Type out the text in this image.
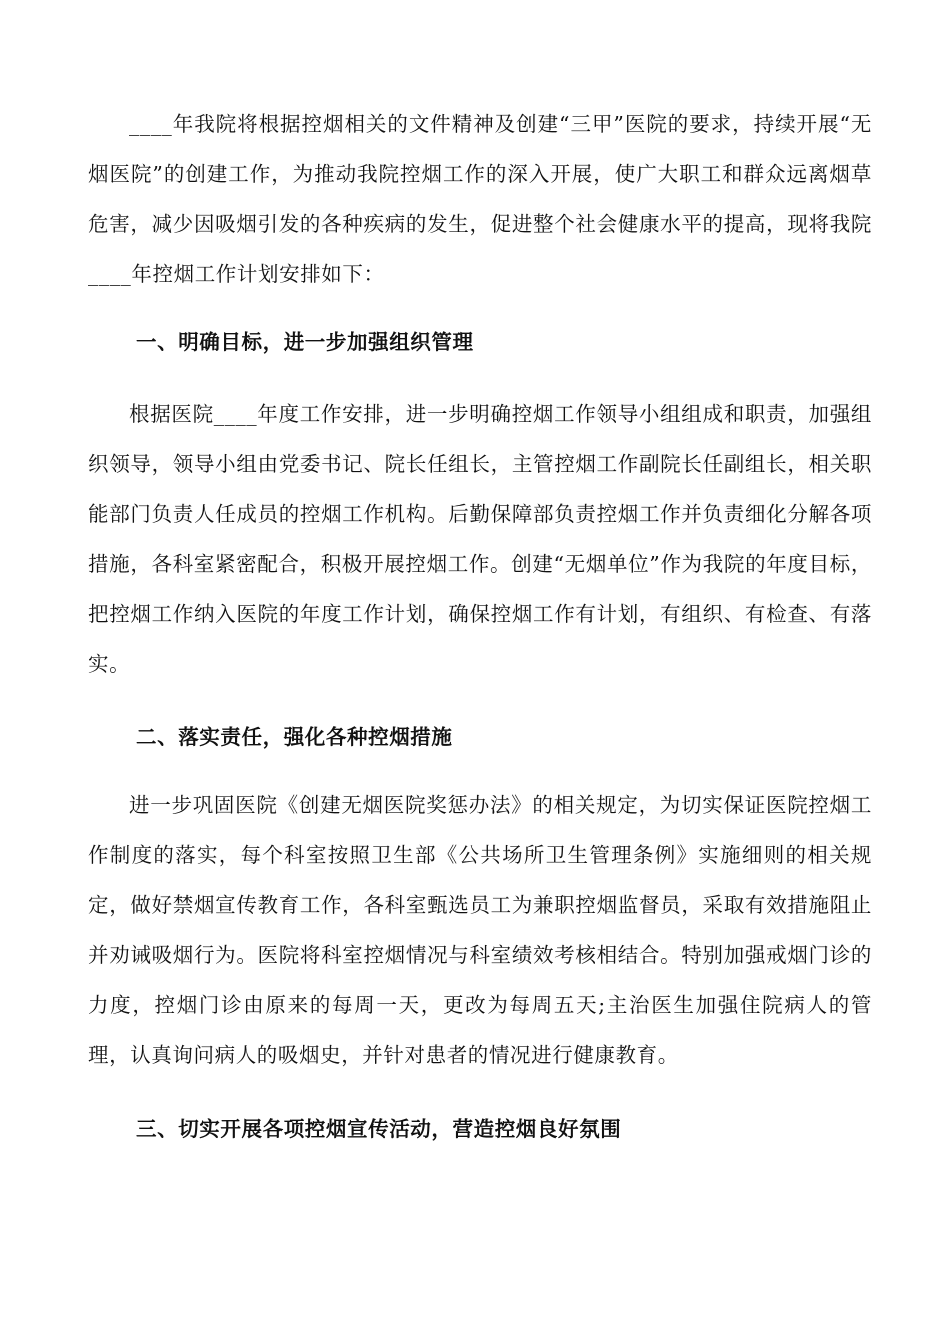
____年我院将根据控烟相关的文件精神及创建“三甲”医院的要求，持续开展“无烟医院”的创建工作，为推动我院控烟工作的深入开展，使广大职工和群众远离烟草危害，减少因吸烟引发的各种疾病的发生，促进整个社会健康水平的提高，现将我院____年控烟工作计划安排如下：

一、明确目标，进一步加强组织管理

根据医院____年度工作安排，进一步明确控烟工作领导小组组成和职责，加强组织领导，领导小组由党委书记、院长任组长，主管控烟工作副院长任副组长，相关职能部门负责人任成员的控烟工作机构。后勤保障部负责控烟工作并负责细化分解各项措施，各科室紧密配合，积极开展控烟工作。创建“无烟单位”作为我院的年度目标，把控烟工作纳入医院的年度工作计划，确保控烟工作有计划，有组织、有检查、有落实。

二、落实责任，强化各种控烟措施

进一步巩固医院《创建无烟医院奖惩办法》的相关规定，为切实保证医院控烟工作制度的落实，每个科室按照卫生部《公共场所卫生管理条例》实施细则的相关规定，做好禁烟宣传教育工作，各科室甄选员工为兼职控烟监督员，采取有效措施阻止并劝诫吸烟行为。医院将科室控烟情况与科室绩效考核相结合。特别加强戒烟门诊的力度，控烟门诊由原来的每周一天，更改为每周五天;主治医生加强住院病人的管理，认真询问病人的吸烟史，并针对患者的情况进行健康教育。

三、切实开展各项控烟宣传活动，营造控烟良好氛围
